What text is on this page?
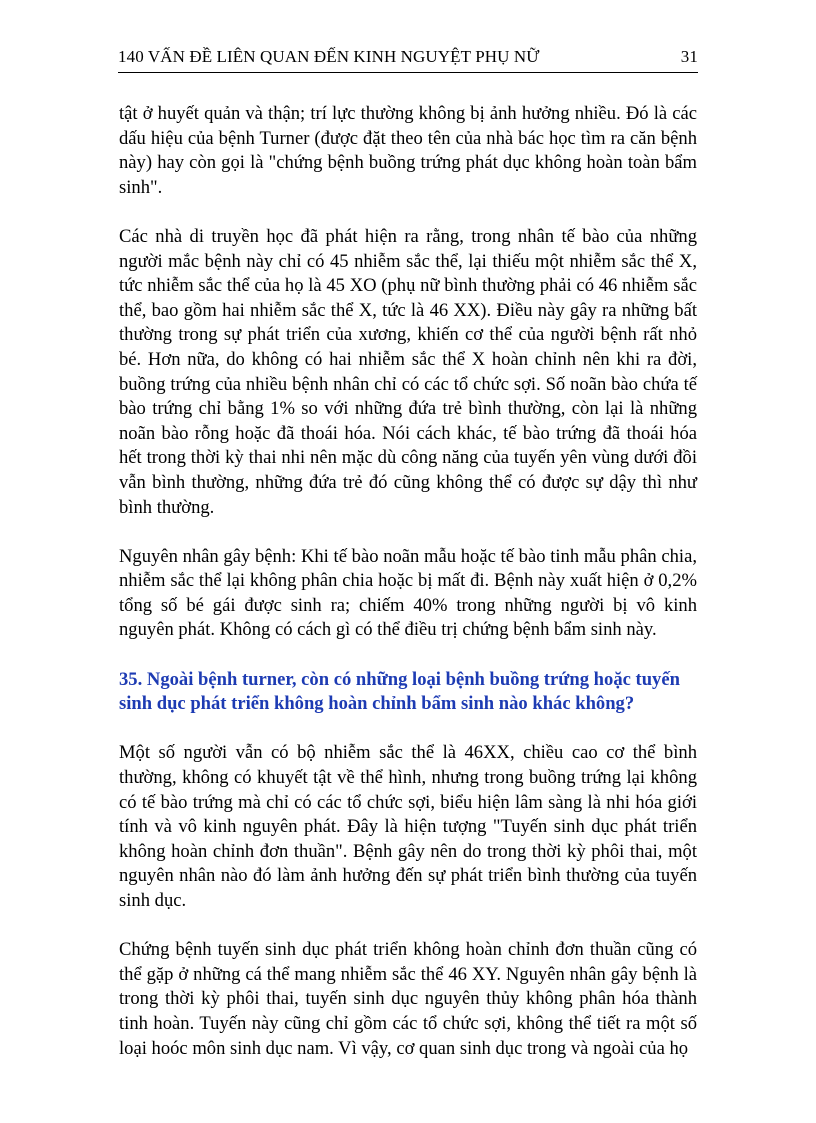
140 VẤN ĐỀ LIÊN QUAN ĐẾN KINH NGUYỆT PHỤ NỮ	31

tật ở huyết quản và thận; trí lực thường không bị ảnh hưởng nhiều. Đó là các dấu hiệu của bệnh Turner (được đặt theo tên của nhà bác học tìm ra căn bệnh này) hay còn gọi là "chứng bệnh buồng trứng phát dục không hoàn toàn bẩm sinh".

Các nhà di truyền học đã phát hiện ra rằng, trong nhân tế bào của những người mắc bệnh này chỉ có 45 nhiễm sắc thể, lại thiếu một nhiễm sắc thể X, tức nhiễm sắc thể của họ là 45 XO (phụ nữ bình thường phải có 46 nhiễm sắc thể, bao gồm hai nhiễm sắc thể X, tức là 46 XX). Điều này gây ra những bất thường trong sự phát triển của xương, khiến cơ thể của người bệnh rất nhỏ bé. Hơn nữa, do không có hai nhiễm sắc thể X hoàn chỉnh nên khi ra đời, buồng trứng của nhiều bệnh nhân chỉ có các tổ chức sợi. Số noãn bào chứa tế bào trứng chỉ bằng 1% so với những đứa trẻ bình thường, còn lại là những noãn bào rỗng hoặc đã thoái hóa. Nói cách khác, tế bào trứng đã thoái hóa hết trong thời kỳ thai nhi nên mặc dù công năng của tuyến yên vùng dưới đồi vẫn bình thường, những đứa trẻ đó cũng không thể có được sự dậy thì như bình thường.

Nguyên nhân gây bệnh: Khi tế bào noãn mẫu hoặc tế bào tinh mẫu phân chia, nhiễm sắc thể lại không phân chia hoặc bị mất đi. Bệnh này xuất hiện ở 0,2% tổng số bé gái được sinh ra; chiếm 40% trong những người bị vô kinh nguyên phát. Không có cách gì có thể điều trị chứng bệnh bẩm sinh này.

35. Ngoài bệnh turner, còn có những loại bệnh buồng trứng hoặc tuyến sinh dục phát triển không hoàn chỉnh bẩm sinh nào khác không?

Một số người vẫn có bộ nhiễm sắc thể là 46XX, chiều cao cơ thể bình thường, không có khuyết tật về thể hình, nhưng trong buồng trứng lại không có tế bào trứng mà chỉ có các tổ chức sợi, biểu hiện lâm sàng là nhi hóa giới tính và vô kinh nguyên phát. Đây là hiện tượng "Tuyến sinh dục phát triển không hoàn chỉnh đơn thuần". Bệnh gây nên do trong thời kỳ phôi thai, một nguyên nhân nào đó làm ảnh hưởng đến sự phát triển bình thường của tuyến sinh dục.

Chứng bệnh tuyến sinh dục phát triển không hoàn chỉnh đơn thuần cũng có thể gặp ở những cá thể mang nhiễm sắc thể 46 XY. Nguyên nhân gây bệnh là trong thời kỳ phôi thai, tuyến sinh dục nguyên thủy không phân hóa thành tinh hoàn. Tuyến này cũng chỉ gồm các tổ chức sợi, không thể tiết ra một số loại hoóc môn sinh dục nam. Vì vậy, cơ quan sinh dục trong và ngoài của họ
